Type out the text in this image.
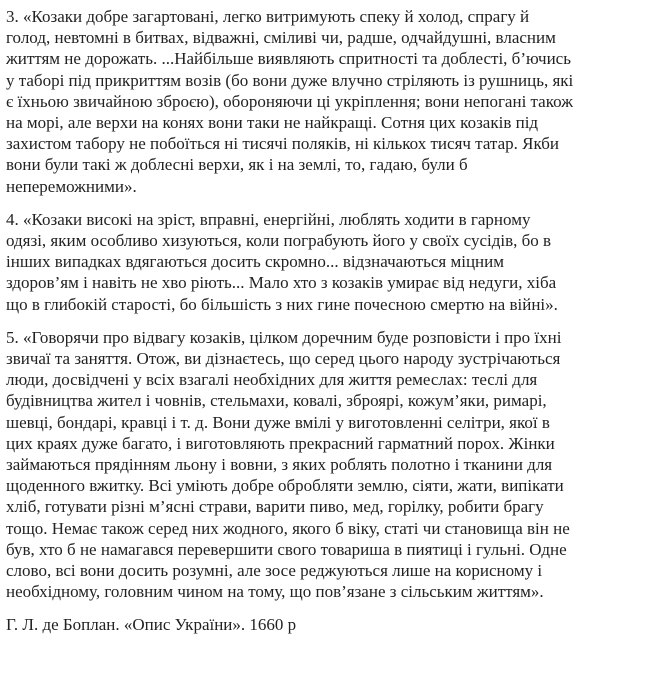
3. «Козаки добре загартовані, легко витримують спеку й холод, спрагу й
голод, невтомні в битвах, відважні, сміливі чи, радше, одчайдушні, власним
життям не дорожать. ...Найбільше виявляють спритності та доблесті, б’ючись
у таборі під прикриттям возів (бо вони дуже влучно стріляють із рушниць, які
є їхньою звичайною зброєю), обороняючи ці укріплення; вони непогані також
на морі, але верхи на конях вони таки не найкращі. Сотня цих козаків під
захистом табору не побоїться ні тисячі поляків, ні кількох тисяч татар. Якби
вони були такі ж доблесні верхи, як і на землі, то, гадаю, були б
непереможними».
4. «Козаки високі на зріст, вправні, енергійні, люблять ходити в гарному
одязі, яким особливо хизуються, коли пограбують його у своїх сусідів, бо в
інших випадках вдягаються досить скромно... відзначаються міцним
здоров’ям і навіть не хво ріють... Мало хто з козаків умирає від недуги, хіба
що в глибокій старості, бо більшість з них гине почесною смертю на війні».
5. «Говорячи про відвагу козаків, цілком доречним буде розповісти і про їхні
звичаї та заняття. Отож, ви дізнаєтесь, що серед цього народу зустрічаються
люди, досвідчені у всіх взагалі необхідних для життя ремеслах: теслі для
будівництва жител і човнів, стельмахи, ковалі, зброярі, кожум’яки, римарі,
шевці, бондарі, кравці і т. д. Вони дуже вмілі у виготовленні селітри, якої в
цих краях дуже багато, і виготовляють прекрасний гарматний порох. Жінки
займаються прядінням льону і вовни, з яких роблять полотно і тканини для
щоденного вжитку. Всі уміють добре обробляти землю, сіяти, жати, випікати
хліб, готувати різні м’ясні страви, варити пиво, мед, горілку, робити брагу
тощо. Немає також серед них жодного, якого б віку, статі чи становища він не
був, хто б не намагався перевершити свого товариша в пиятиці і гульні. Одне
слово, всі вони досить розумні, але зосе реджуються лише на корисному і
необхідному, головним чином на тому, що пов’язане з сільським життям».
Г. Л. де Боплан. «Опис України». 1660 р
